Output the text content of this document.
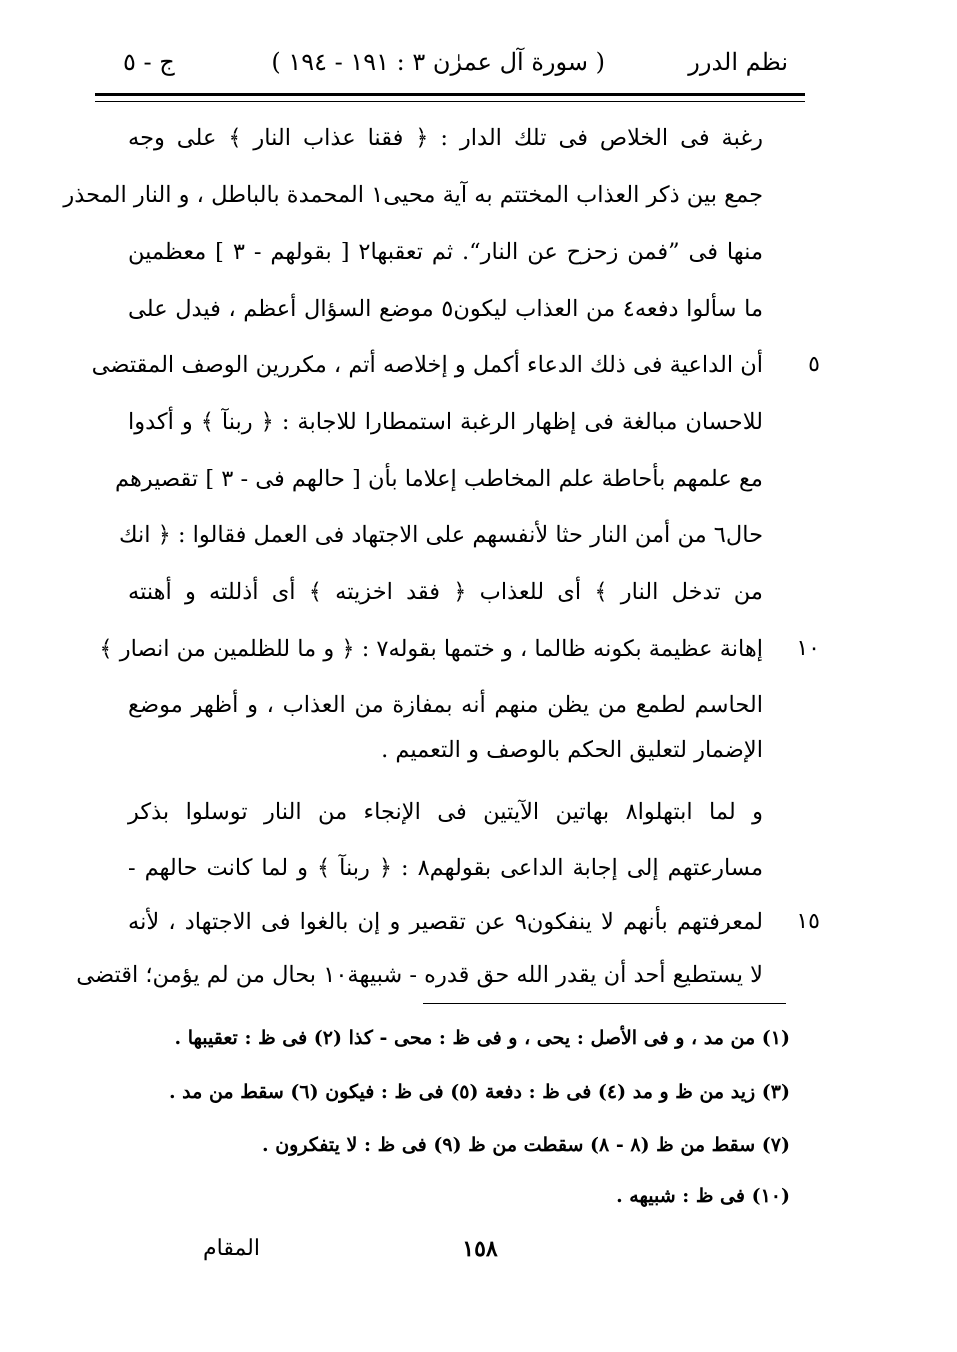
نظم الدرر
( سورة آل عمرٰن ٣ : ١٩١ - ١٩٤ )
ج - ٥
رغبة فى الخلاص فى تلك الدار : ﴿ فقنا عذاب النار ﴾ على وجه
جمع بين ذكر العذاب المختتم به آية محيى١ المحمدة بالباطل ، و النار المحذر
منها فى ”فمن زحزح عن النار“. ثم تعقبها٢ [ بقولهم - ٣ ] معظمين
ما سألوا دفعه٤ من العذاب ليكون٥ موضع السؤال أعظم ، فيدل على
أن الداعية فى ذلك الدعاء أكمل و إخلاصه أتم ، مكررين الوصف المقتضى	٥
للاحسان مبالغة فى إظهار الرغبة استمطارا للاجابة : ﴿ ربنآ ﴾ و أكدوا
مع علمهم بأحاطة علم المخاطب إعلاما بأن [ حالهم فى - ٣ ] تقصيرهم
حال٦ من أمن النار حثا لأنفسهم على الاجتهاد فى العمل فقالوا : ﴿ انك
من تدخل النار ﴾ أى للعذاب ﴿ فقد اخزيته ﴾ أى أذللته و أهنته
إهانة عظيمة بكونه ظالما ، و ختمها بقوله٧ : ﴿ و ما للظلمين من انصار ﴾	١٠
الحاسم لطمع من يظن منهم أنه بمفازة من العذاب ، و أظهر موضع
الإضمار لتعليق الحكم بالوصف و التعميم .
و لما ابتهلوا٨ بهاتين الآيتين فى الإنجاء من النار توسلوا بذكر
مسارعتهم إلى إجابة الداعى بقولهم٨ : ﴿ ربنآ ﴾ و لما كانت حالهم -
لمعرفتهم بأنهم لا ينفكون٩ عن تقصير و إن بالغوا فى الاجتهاد ، لأنه	١٥
لا يستطيع أحد أن يقدر الله حق قدره - شبيهة١٠ بحال من لم يؤمن؛ اقتضى
(١) من مد ، و فى الأصل : يحى ، و فى ظ : محى - كذا (٢) فى ظ : تعقيبها .
(٣) زيد من ظ و مد (٤) فى ظ : دفعة (٥) فى ظ : فيكون (٦) سقط من مد .
(٧) سقط من ظ (٨ - ٨) سقطت من ظ (٩) فى ظ : لا يتفكرون .
(١٠) فى ظ : شبيهه .
١٥٨
المقام
